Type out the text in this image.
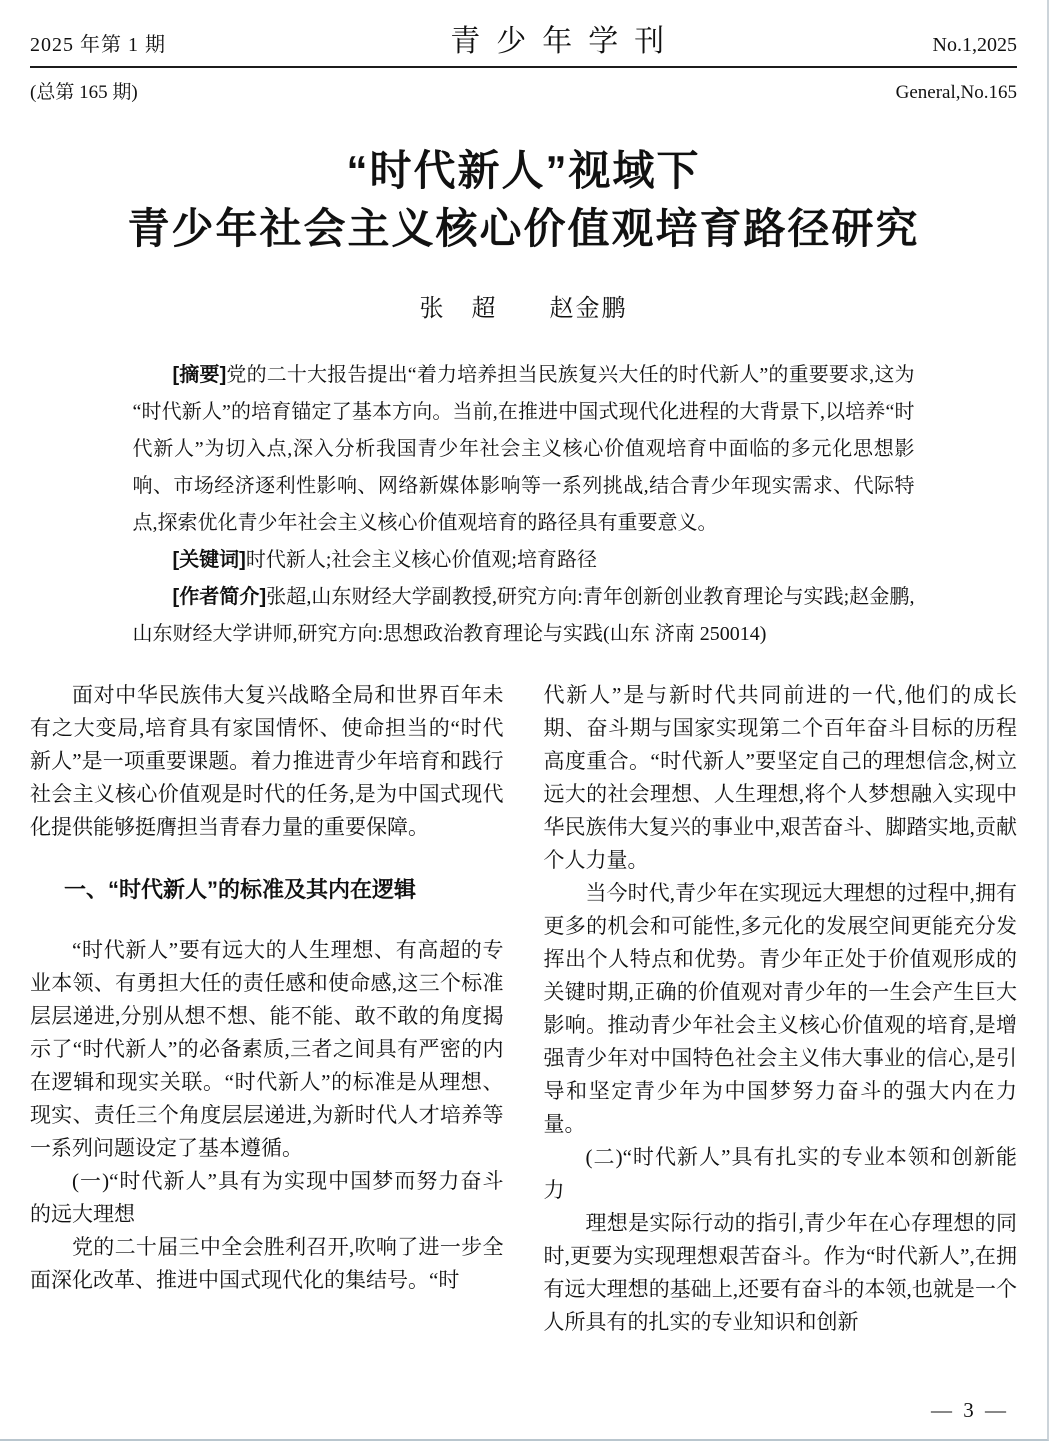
2025 年第 1 期	青少年学刊	No.1,2025
(总第 165 期)	General,No.165
“时代新人”视域下
青少年社会主义核心价值观培育路径研究
张　超　　赵金鹏

[摘要]党的二十大报告提出“着力培养担当民族复兴大任的时代新人”的重要要求,这为“时代新人”的培育锚定了基本方向。当前,在推进中国式现代化进程的大背景下,以培养“时代新人”为切入点,深入分析我国青少年社会主义核心价值观培育中面临的多元化思想影响、市场经济逐利性影响、网络新媒体影响等一系列挑战,结合青少年现实需求、代际特点,探索优化青少年社会主义核心价值观培育的路径具有重要意义。

[关键词]时代新人;社会主义核心价值观;培育路径

[作者简介]张超,山东财经大学副教授,研究方向:青年创新创业教育理论与实践;赵金鹏,山东财经大学讲师,研究方向:思想政治教育理论与实践(山东 济南 250014)

面对中华民族伟大复兴战略全局和世界百年未有之大变局,培育具有家国情怀、使命担当的“时代新人”是一项重要课题。着力推进青少年培育和践行社会主义核心价值观是时代的任务,是为中国式现代化提供能够挺膺担当青春力量的重要保障。

一、“时代新人”的标准及其内在逻辑

“时代新人”要有远大的人生理想、有高超的专业本领、有勇担大任的责任感和使命感,这三个标准层层递进,分别从想不想、能不能、敢不敢的角度揭示了“时代新人”的必备素质,三者之间具有严密的内在逻辑和现实关联。“时代新人”的标准是从理想、现实、责任三个角度层层递进,为新时代人才培养等一系列问题设定了基本遵循。

(一)“时代新人”具有为实现中国梦而努力奋斗的远大理想

党的二十届三中全会胜利召开,吹响了进一步全面深化改革、推进中国式现代化的集结号。“时

代新人”是与新时代共同前进的一代,他们的成长期、奋斗期与国家实现第二个百年奋斗目标的历程高度重合。“时代新人”要坚定自己的理想信念,树立远大的社会理想、人生理想,将个人梦想融入实现中华民族伟大复兴的事业中,艰苦奋斗、脚踏实地,贡献个人力量。

当今时代,青少年在实现远大理想的过程中,拥有更多的机会和可能性,多元化的发展空间更能充分发挥出个人特点和优势。青少年正处于价值观形成的关键时期,正确的价值观对青少年的一生会产生巨大影响。推动青少年社会主义核心价值观的培育,是增强青少年对中国特色社会主义伟大事业的信心,是引导和坚定青少年为中国梦努力奋斗的强大内在力量。

(二)“时代新人”具有扎实的专业本领和创新能力

理想是实际行动的指引,青少年在心存理想的同时,更要为实现理想艰苦奋斗。作为“时代新人”,在拥有远大理想的基础上,还要有奋斗的本领,也就是一个人所具有的扎实的专业知识和创新

— 3 —
